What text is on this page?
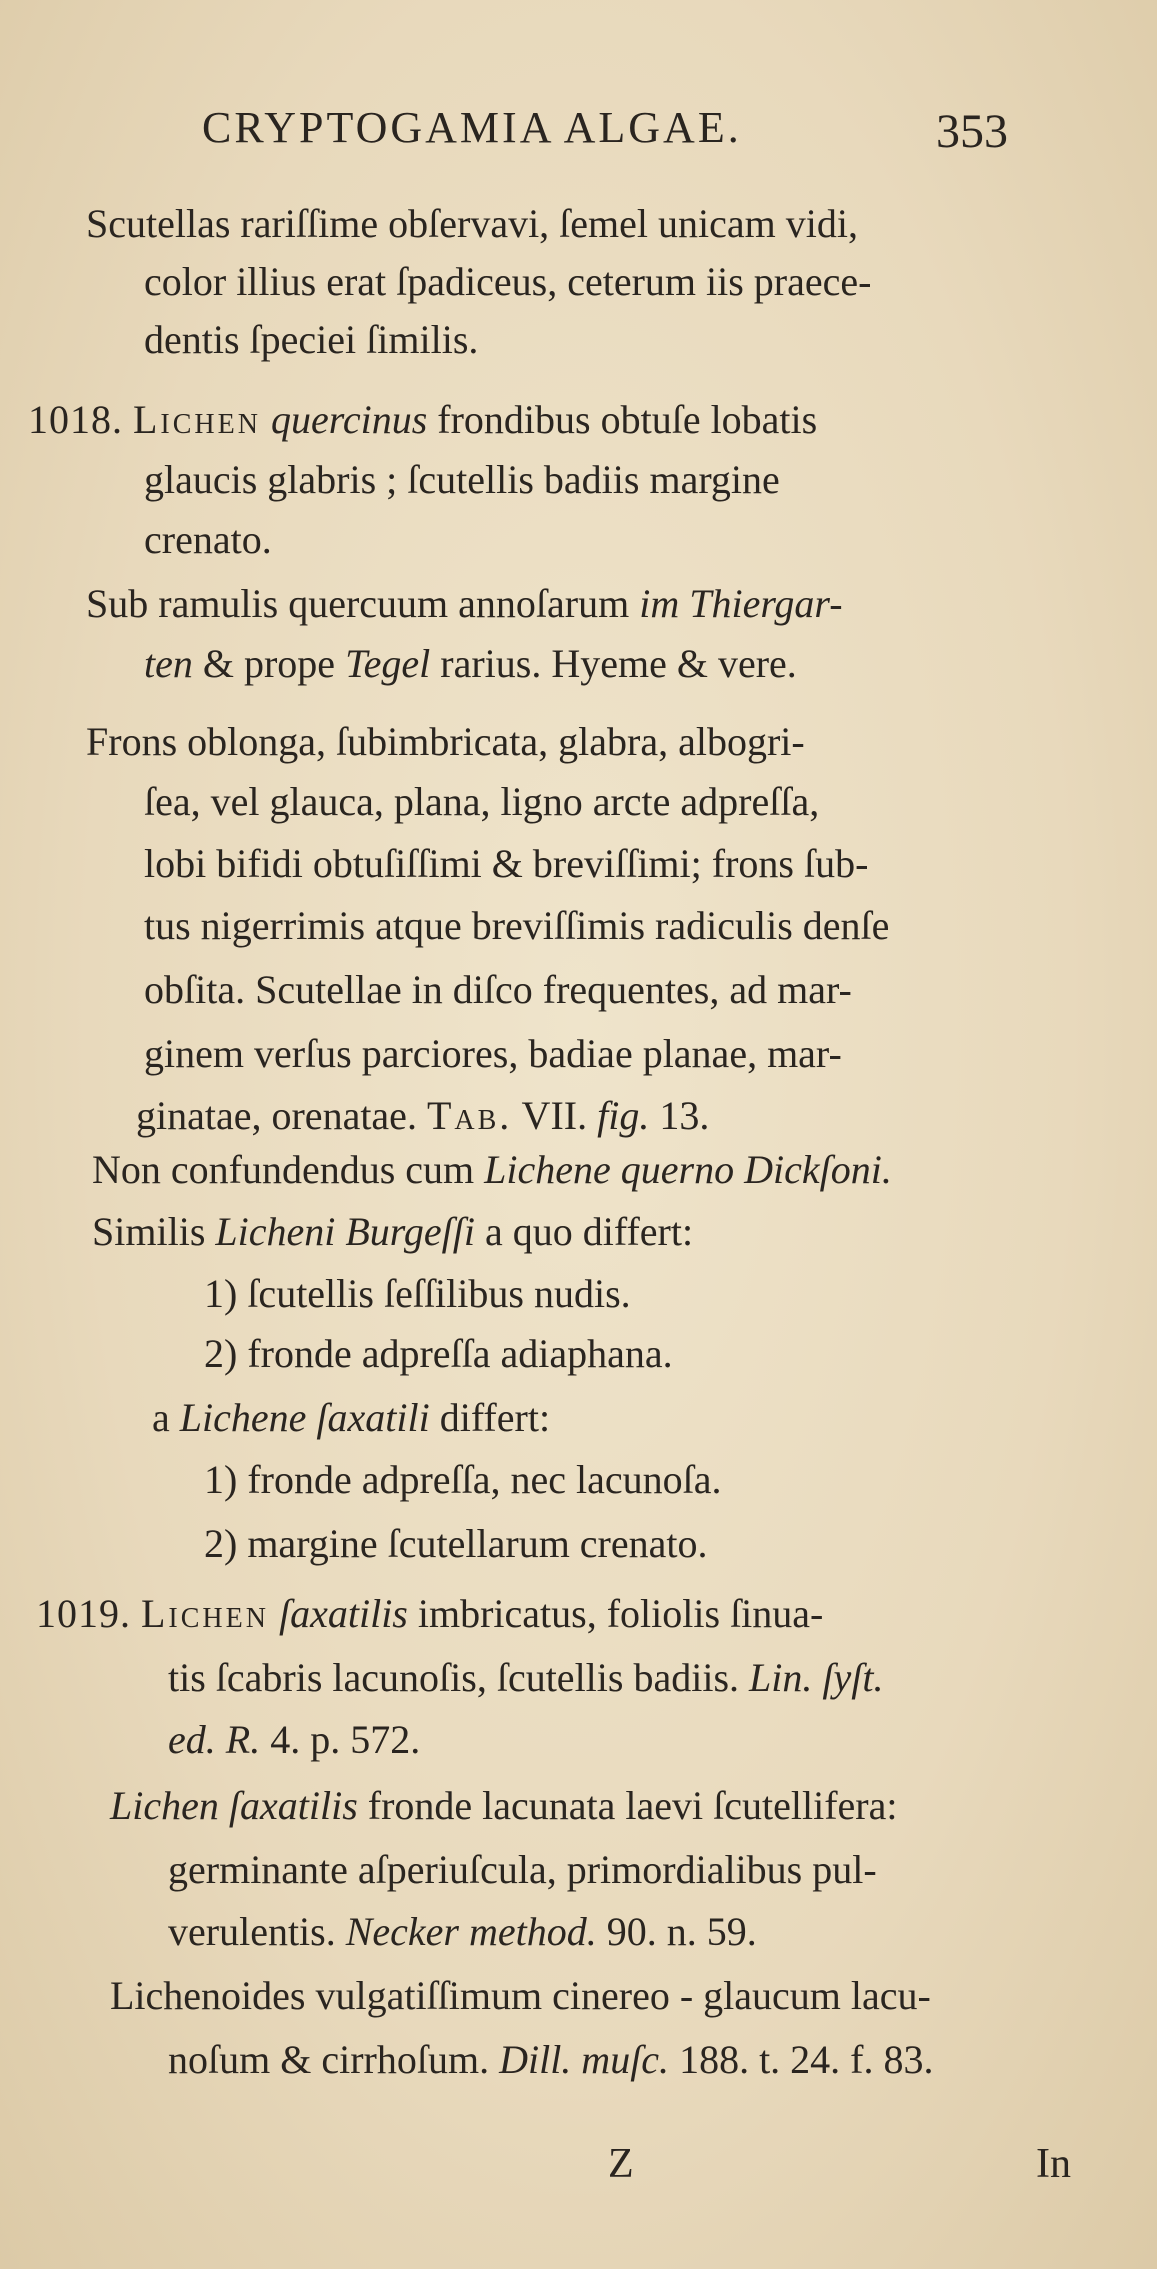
CRYPTOGAMIA ALGAE.	353
Scutellas rariſſime obſervavi, ſemel unicam vidi,
color illius erat ſpadiceus, ceterum iis praece-
dentis ſpeciei ſimilis.
1018. Lichen quercinus frondibus obtuſe lobatis
glaucis glabris ; ſcutellis badiis margine
crenato.
Sub ramulis quercuum annoſarum im Thiergar-
ten & prope Tegel rarius. Hyeme & vere.
Frons oblonga, ſubimbricata, glabra, albogri-
ſea, vel glauca, plana, ligno arcte adpreſſa,
lobi bifidi obtuſiſſimi & breviſſimi; frons ſub-
tus nigerrimis atque breviſſimis radiculis denſe
obſita. Scutellae in diſco frequentes, ad mar-
ginem verſus parciores, badiae planae, mar-
ginatae, orenatae. Tab. VII. fig. 13.
Non confundendus cum Lichene querno Dickſoni.
Similis Licheni Burgeſſi a quo differt:
1) ſcutellis ſeſſilibus nudis.
2) fronde adpreſſa adiaphana.
a Lichene ſaxatili differt:
1) fronde adpreſſa, nec lacunoſa.
2) margine ſcutellarum crenato.
1019. Lichen ſaxatilis imbricatus, foliolis ſinua-
tis ſcabris lacunoſis, ſcutellis badiis. Lin. ſyſt.
ed. R. 4. p. 572.
Lichen ſaxatilis fronde lacunata laevi ſcutellifera:
germinante aſperiuſcula, primordialibus pul-
verulentis. Necker method. 90. n. 59.
Lichenoides vulgatiſſimum cinereo - glaucum lacu-
noſum & cirrhoſum. Dill. muſc. 188. t. 24. f. 83.
Z	In
